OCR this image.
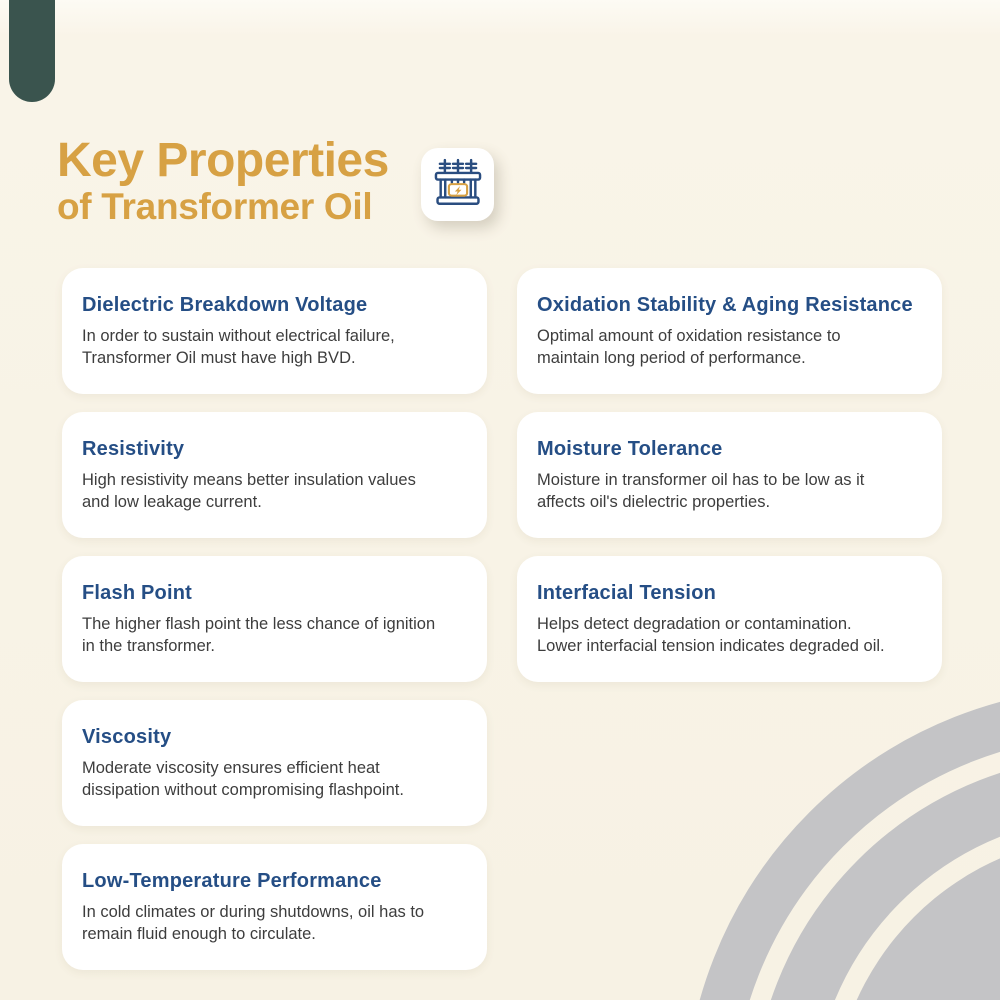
Key Properties
of Transformer Oil
Dielectric Breakdown Voltage

In order to sustain without electrical failure, Transformer Oil must have high BVD.

Resistivity

High resistivity means better insulation values and low leakage current.

Flash Point

The higher flash point the less chance of ignition in the transformer.

Viscosity

Moderate viscosity ensures efficient heat dissipation without compromising flashpoint.

Low-Temperature Performance

In cold climates or during shutdowns, oil has to remain fluid enough to circulate.

Oxidation Stability & Aging Resistance

Optimal amount of oxidation resistance to maintain long period of performance.

Moisture Tolerance

Moisture in transformer oil has to be low as it affects oil's dielectric properties.

Interfacial Tension

Helps detect degradation or contamination. Lower interfacial tension indicates degraded oil.
